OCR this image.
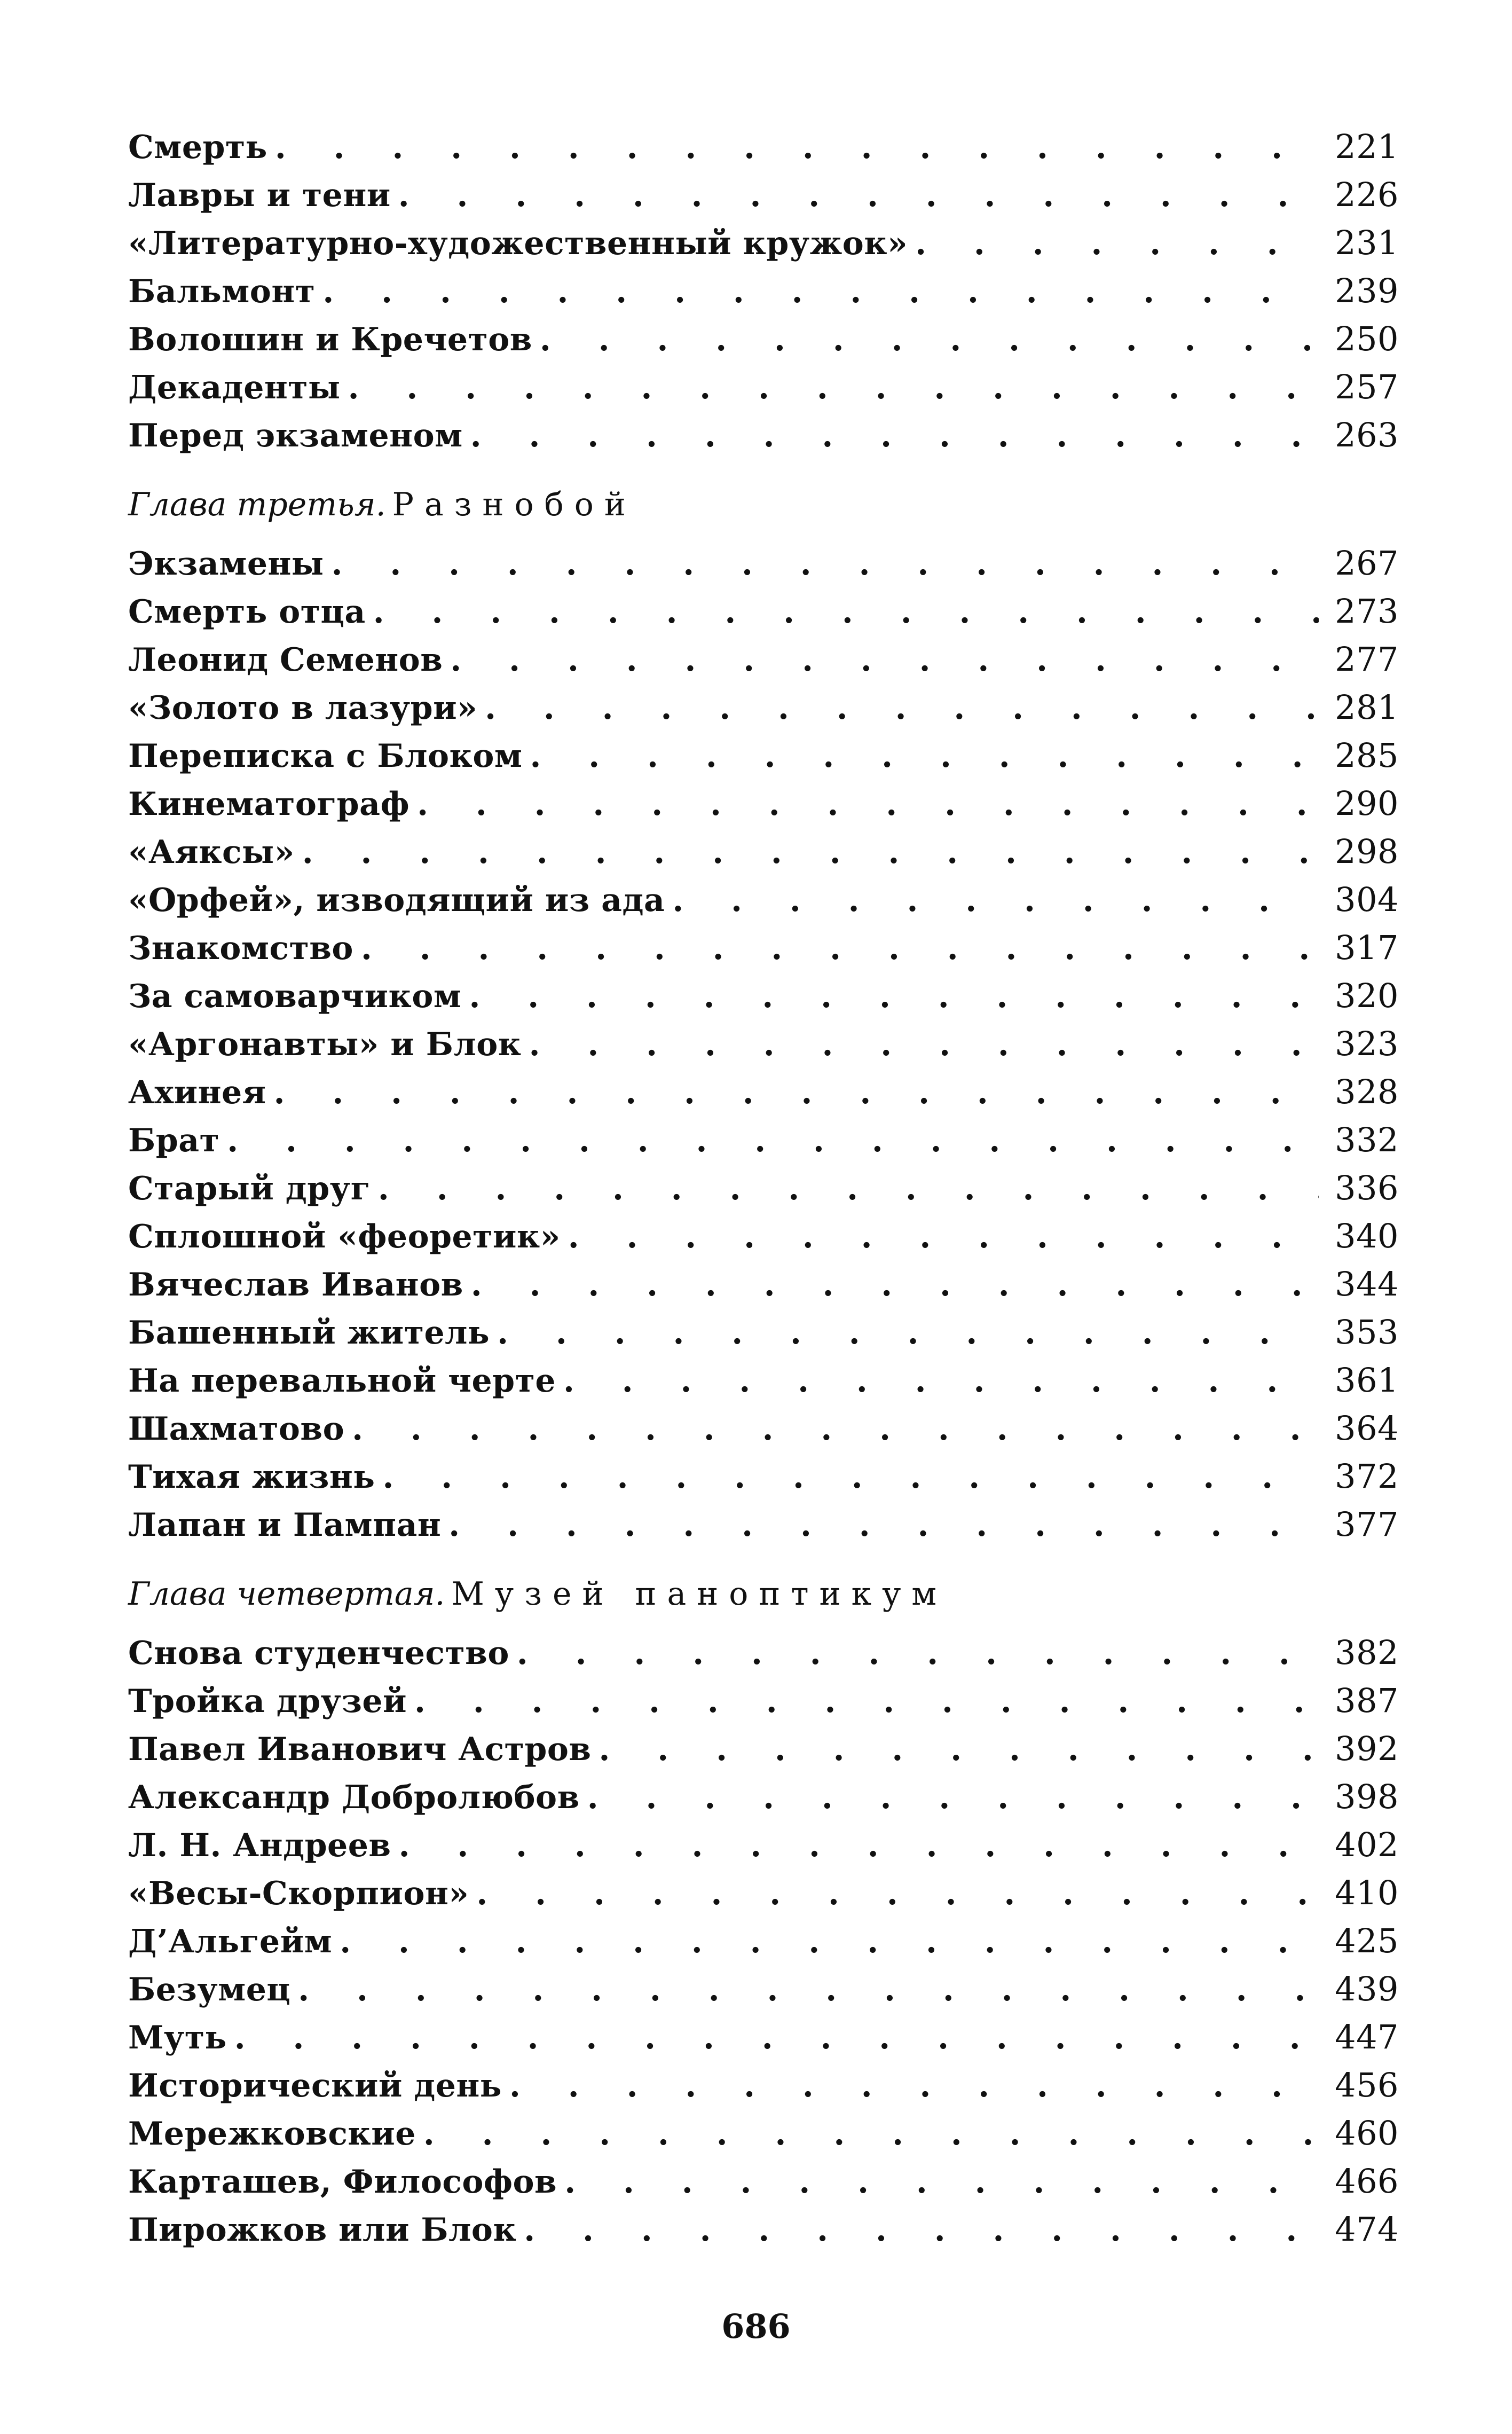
Смерть . . .	221
Лавры и тени . . .	226
«Литературно-художественный кружок» . . .	231
Бальмонт . . .	239
Волошин и Кречетов . . .	250
Декаденты . . .	257
Перед экзаменом . . .	263
Глава третья. Разнобой
Экзамены . . .	267
Смерть отца . . .	273
Леонид Семенов . . .	277
«Золото в лазури» . . .	281
Переписка с Блоком . . .	285
Кинематограф . . .	290
«Аяксы» . . .	298
«Орфей», изводящий из ада . . .	304
Знакомство . . .	317
За самоварчиком . . .	320
«Аргонавты» и Блок . . .	323
Ахинея . . .	328
Брат . . .	332
Старый друг . . .	336
Сплошной «феоретик» . . .	340
Вячеслав Иванов . . .	344
Башенный житель . . .	353
На перевальной черте . . .	361
Шахматово . . .	364
Тихая жизнь . . .	372
Лапан и Пампан . . .	377
Глава четвертая. Музей паноптикум
Снова студенчество . . .	382
Тройка друзей . . .	387
Павел Иванович Астров . . .	392
Александр Добролюбов . . .	398
Л. Н. Андреев . . .	402
«Весы-Скорпион» . . .	410
Д’Альгейм . . .	425
Безумец . . .	439
Муть . . .	447
Исторический день . . .	456
Мережковские . . .	460
Карташев, Философов . . .	466
Пирожков или Блок . . .	474
686
